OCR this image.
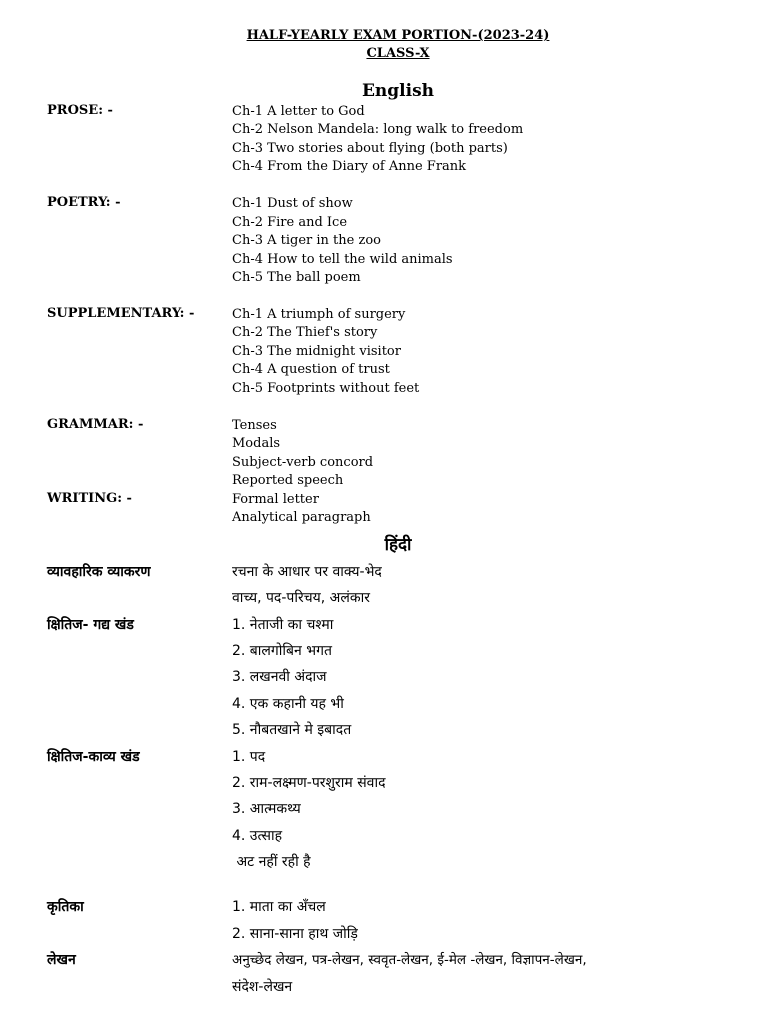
HALF-YEARLY EXAM PORTION-(2023-24)
CLASS-X
English
PROSE: -	Ch-1 A letter to God
Ch-2 Nelson Mandela: long walk to freedom
Ch-3 Two stories about flying (both parts)
Ch-4 From the Diary of Anne Frank
POETRY: -	Ch-1 Dust of show
Ch-2 Fire and Ice
Ch-3 A tiger in the zoo
Ch-4 How to tell the wild animals
Ch-5 The ball poem
SUPPLEMENTARY: -	Ch-1 A triumph of surgery
Ch-2 The Thief's story
Ch-3 The midnight visitor
Ch-4 A question of trust
Ch-5 Footprints without feet
GRAMMAR: -	Tenses
Modals
Subject-verb concord
Reported speech
WRITING: -	Formal letter
Analytical paragraph
हिंदी
व्यावहारिक व्याकरण	रचना के आधार पर वाक्य-भेद
वाच्य, पद-परिचय, अलंकार
क्षितिज- गद्य खंड	1. नेताजी का चश्मा
2. बालगोबिन भगत
3. लखनवी अंदाज
4. एक कहानी यह भी
5. नौबतखाने मे इबादत
क्षितिज-काव्य खंड	1. पद
2. राम-लक्ष्मण-परशुराम संवाद
3. आत्मकथ्य
4. उत्साह
अट नहीं रही है
कृतिका	1. माता का अँचल
2. साना-साना हाथ जोड़ि
लेखन	अनुच्छेद लेखन, पत्र-लेखन, स्ववृत-लेखन, ई-मेल -लेखन, विज्ञापन-लेखन,
संदेश-लेखन
